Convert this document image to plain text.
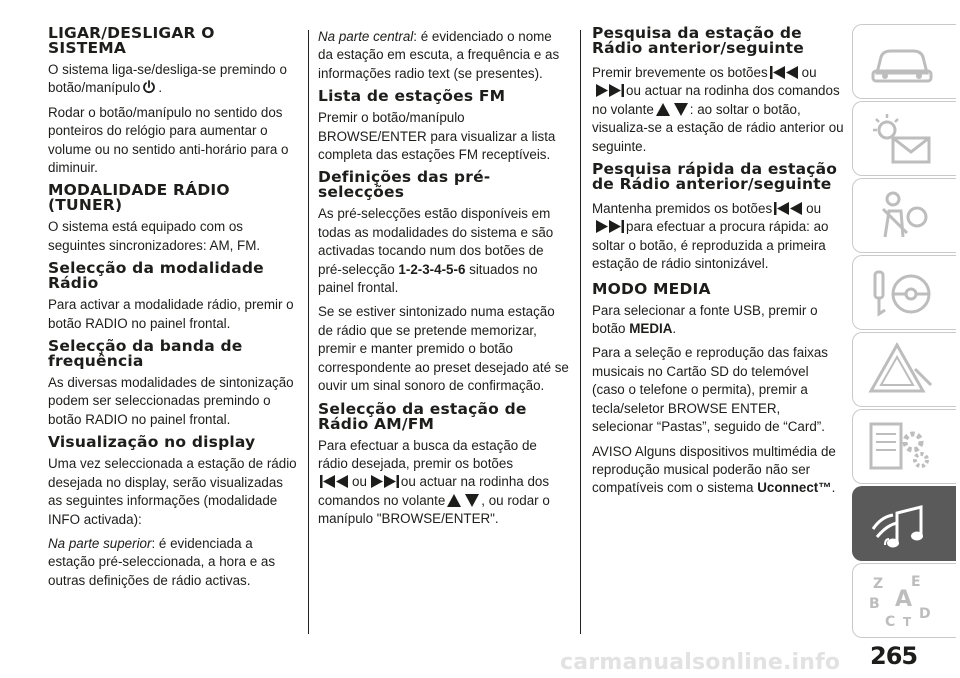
LIGAR/DESLIGAR O SISTEMA

O sistema liga-se/desliga-se premindo o botão/manípulo .

Rodar o botão/manípulo no sentido dos ponteiros do relógio para aumentar o volume ou no sentido anti-horário para o diminuir.

MODALIDADE RÁDIO (TUNER)

O sistema está equipado com os seguintes sincronizadores: AM, FM.

Selecção da modalidade Rádio

Para activar a modalidade rádio, premir o botão RADIO no painel frontal.

Selecção da banda de frequência

As diversas modalidades de sintonização podem ser seleccionadas premindo o botão RADIO no painel frontal.

Visualização no display

Uma vez seleccionada a estação de rádio desejada no display, serão visualizadas as seguintes informações (modalidade INFO activada):

Na parte superior: é evidenciada a estação pré-seleccionada, a hora e as outras definições de rádio activas.

Na parte central: é evidenciado o nome da estação em escuta, a frequência e as informações radio text (se presentes).

Lista de estações FM

Premir o botão/manípulo BROWSE/ENTER para visualizar a lista completa das estações FM receptíveis.

Definições das pré-selecções

As pré-selecções estão disponíveis em todas as modalidades do sistema e são activadas tocando num dos botões de pré-selecção 1-2-3-4-5-6 situados no painel frontal.

Se se estiver sintonizado numa estação de rádio que se pretende memorizar, premir e manter premido o botão correspondente ao preset desejado até se ouvir um sinal sonoro de confirmação.

Selecção da estação de Rádio AM/FM

Para efectuar a busca da estação de rádio desejada, premir os botões

ou	ou actuar na rodinha dos comandos no volante	, ou rodar o manípulo "BROWSE/ENTER".

Pesquisa da estação de Rádio anterior/seguinte

Premir brevemente os botões	ou

ou actuar na rodinha dos comandos no volante	: ao soltar o botão, visualiza-se a estação de rádio anterior ou seguinte.

Pesquisa rápida da estação de Rádio anterior/seguinte

Mantenha premidos os botões	ou

para efectuar a procura rápida: ao soltar o botão, é reproduzida a primeira estação de rádio sintonizável.

MODO MEDIA

Para selecionar a fonte USB, premir o botão MEDIA.

Para a seleção e reprodução das faixas musicais no Cartão SD do telemóvel (caso o telefone o permita), premir a tecla/seletor BROWSE ENTER, selecionar “Pastas”, seguido de “Card”.

AVISO Alguns dispositivos multimédia de reprodução musical poderão não ser compatíveis com o sistema Uconnect™.

Z E
B A
C T D
265
carmanualsonline.info
